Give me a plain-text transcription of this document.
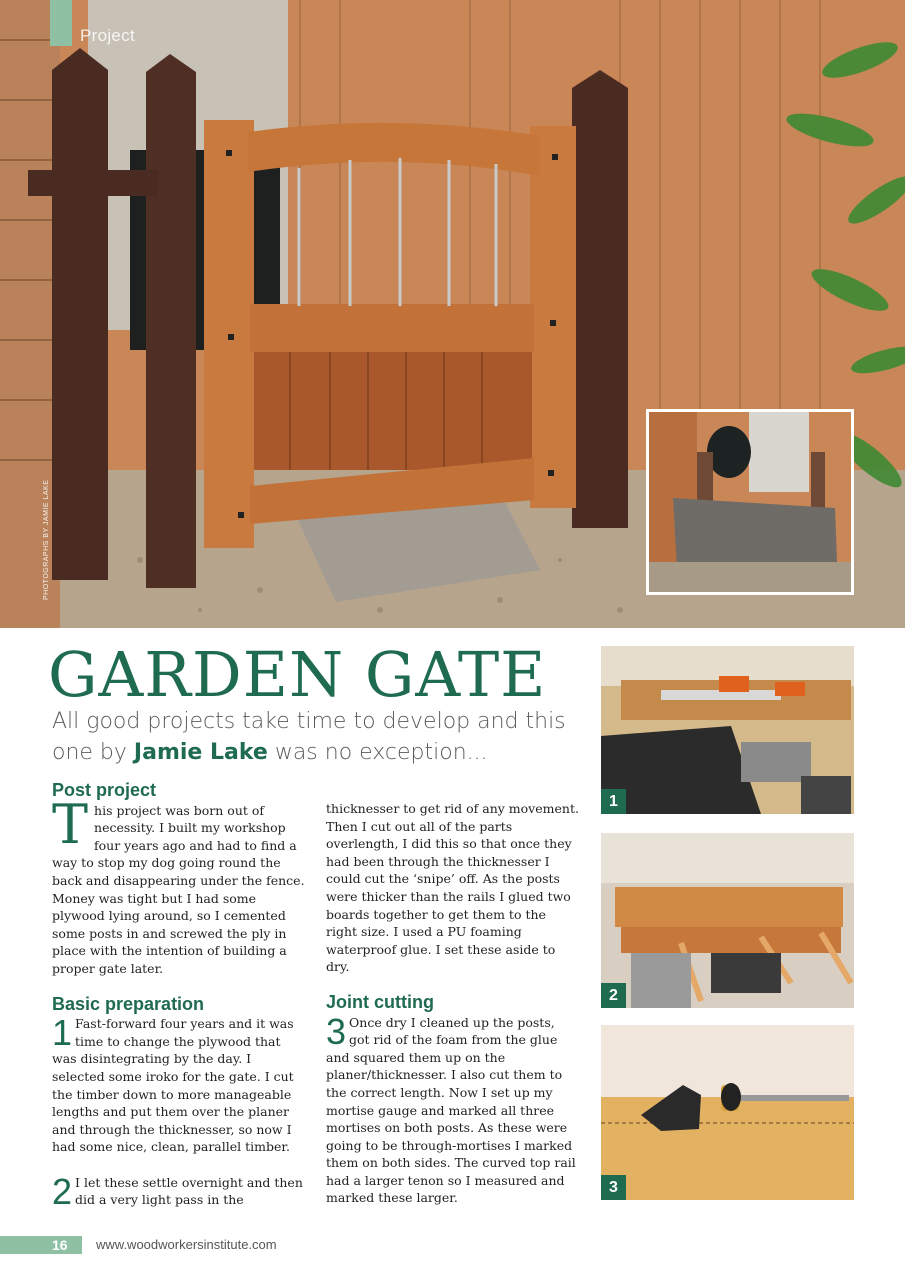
Project
PHOTOGRAPHS BY JAMIE LAKE
GARDEN GATE

All good projects take time to develop and this one by Jamie Lake was no exception...

Post project

This project was born out of necessity. I built my workshop four years ago and had to find a way to stop my dog going round the back and disappearing under the fence. Money was tight but I had some plywood lying around, so I cemented some posts in and screwed the ply in place with the intention of building a proper gate later.

Basic preparation

1 Fast-forward four years and it was time to change the plywood that was disintegrating by the day. I selected some iroko for the gate. I cut the timber down to more manageable lengths and put them over the planer and through the thicknesser, so now I had some nice, clean, parallel timber.

2 I let these settle overnight and then did a very light pass in the

thicknesser to get rid of any movement. Then I cut out all of the parts overlength, I did this so that once they had been through the thicknesser I could cut the ‘snipe’ off. As the posts were thicker than the rails I glued two boards together to get them to the right size. I used a PU foaming waterproof glue. I set these aside to dry.

Joint cutting

3 Once dry I cleaned up the posts, got rid of the foam from the glue and squared them up on the planer/thicknesser. I also cut them to the correct length. Now I set up my mortise gauge and marked all three mortises on both posts. As these were going to be through-mortises I marked them on both sides. The curved top rail had a larger tenon so I measured and marked these larger.

1
2
3
16 www.woodworkersinstitute.com
